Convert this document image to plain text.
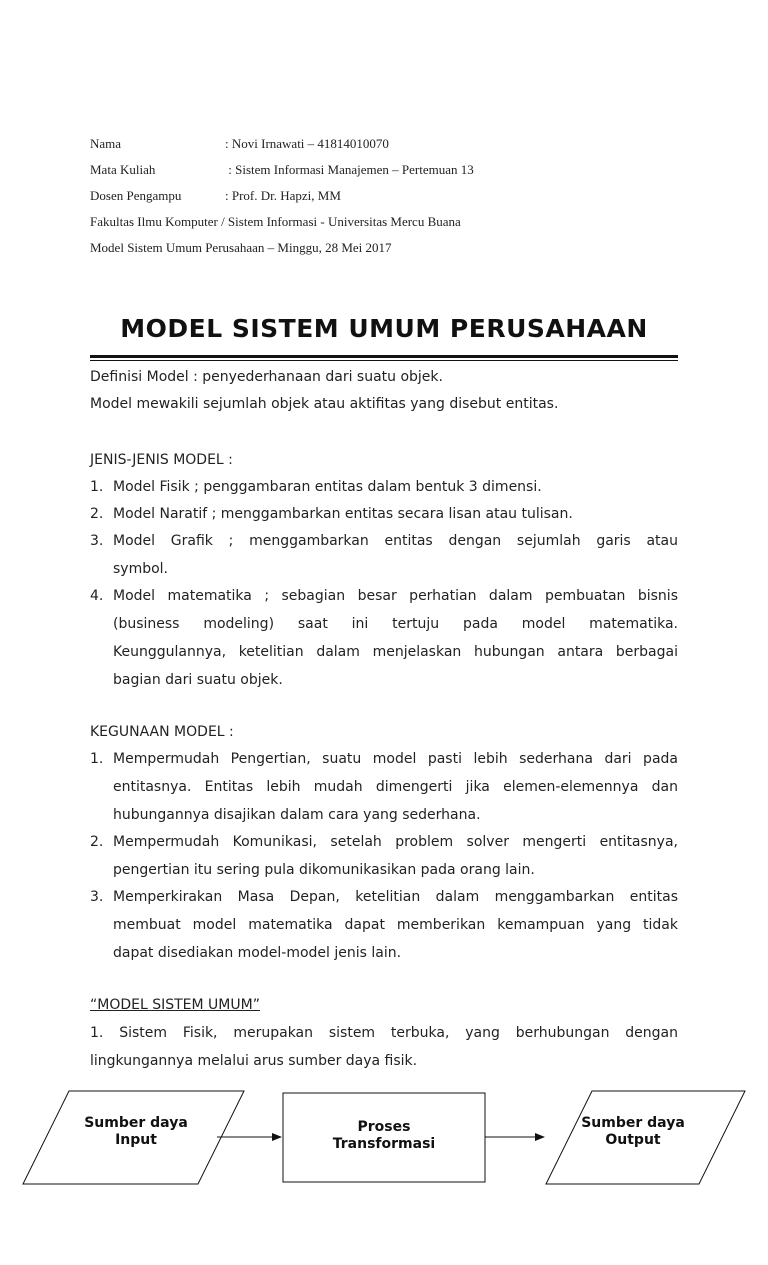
Nama	: Novi Irnawati – 41814010070
Mata Kuliah	: Sistem Informasi Manajemen – Pertemuan 13
Dosen Pengampu	: Prof. Dr. Hapzi, MM
Fakultas Ilmu Komputer / Sistem Informasi - Universitas Mercu Buana
Model Sistem Umum Perusahaan – Minggu, 28 Mei 2017
MODEL SISTEM UMUM PERUSAHAAN
Definisi Model : penyederhanaan dari suatu objek.
Model mewakili sejumlah objek atau aktifitas yang disebut entitas.
JENIS-JENIS MODEL :
1. Model Fisik ; penggambaran entitas dalam bentuk 3 dimensi.
2. Model Naratif ; menggambarkan entitas secara lisan atau tulisan.
3. Model Grafik ; menggambarkan entitas dengan sejumlah garis atau
symbol.
4. Model matematika ; sebagian besar perhatian dalam pembuatan bisnis
(business modeling) saat ini tertuju pada model matematika.
Keunggulannya, ketelitian dalam menjelaskan hubungan antara berbagai
bagian dari suatu objek.
KEGUNAAN MODEL :
1. Mempermudah Pengertian, suatu model pasti lebih sederhana dari pada
entitasnya. Entitas lebih mudah dimengerti jika elemen-elemennya dan
hubungannya disajikan dalam cara yang sederhana.
2. Mempermudah Komunikasi, setelah problem solver mengerti entitasnya,
pengertian itu sering pula dikomunikasikan pada orang lain.
3. Memperkirakan Masa Depan, ketelitian dalam menggambarkan entitas
membuat model matematika dapat memberikan kemampuan yang tidak
dapat disediakan model-model jenis lain.
“MODEL SISTEM UMUM”
1. Sistem Fisik, merupakan sistem terbuka, yang berhubungan dengan
lingkungannya melalui arus sumber daya fisik.
Sumber daya
Input
Proses
Transformasi
Sumber daya
Output
